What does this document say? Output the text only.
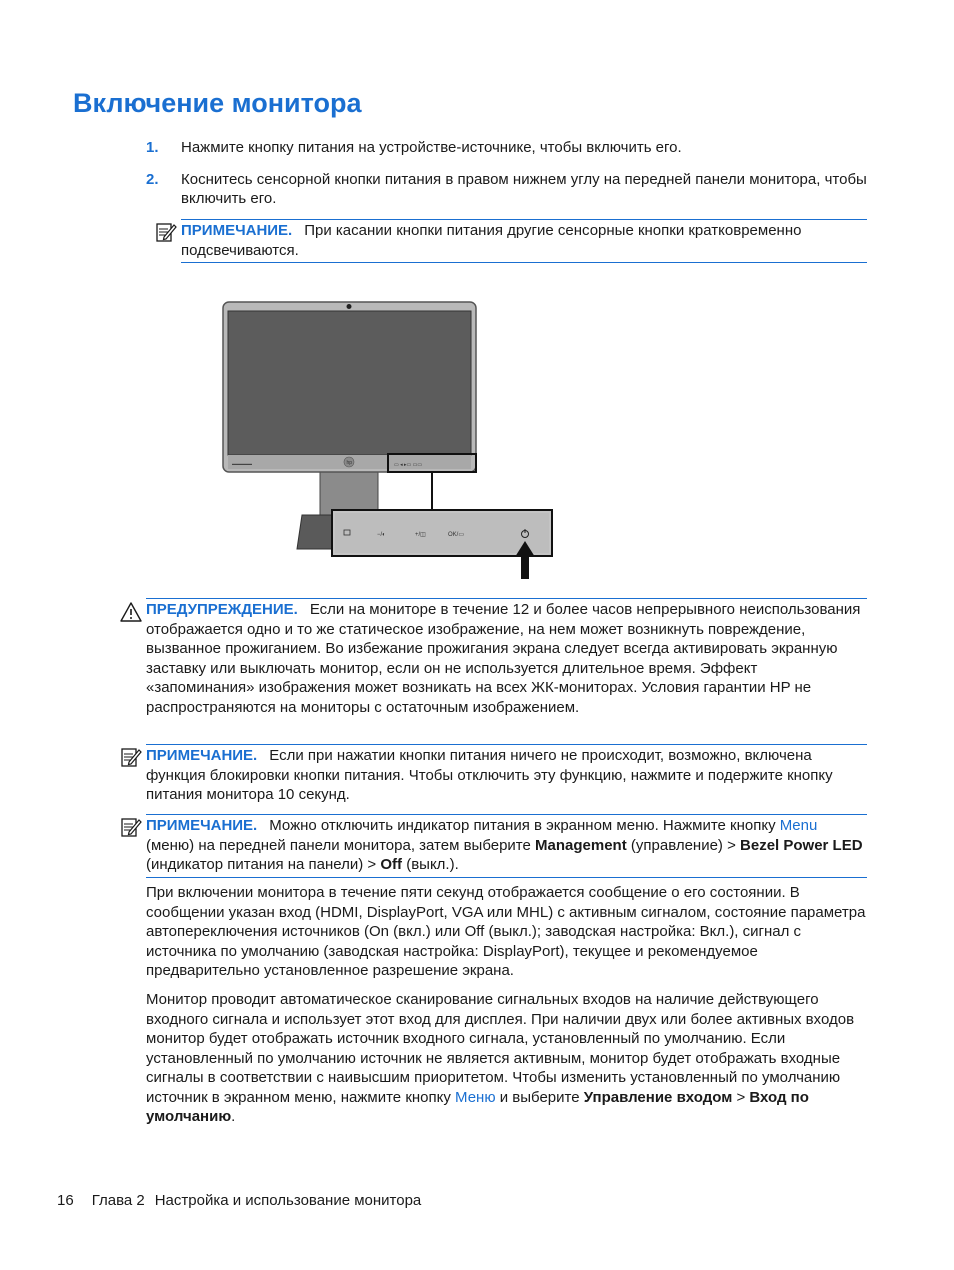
Включение монитора
1. Нажмите кнопку питания на устройстве-источнике, чтобы включить его.
2. Коснитесь сенсорной кнопки питания в правом нижнем углу на передней панели монитора, чтобы включить его.
ПРИМЕЧАНИЕ. При касании кнопки питания другие сенсорные кнопки кратковременно подсвечиваются.
▬▬▬▬▬	hp	▭ ◂ ▸▭ ▭▭
−/◐	+/◫	OK/▭
ПРЕДУПРЕЖДЕНИЕ. Если на мониторе в течение 12 и более часов непрерывного неиспользования отображается одно и то же статическое изображение, на нем может возникнуть повреждение, вызванное прожиганием. Во избежание прожигания экрана следует всегда активировать экранную заставку или выключать монитор, если он не используется длительное время. Эффект «запоминания» изображения может возникать на всех ЖК-мониторах. Условия гарантии HP не распространяются на мониторы с остаточным изображением.
ПРИМЕЧАНИЕ. Если при нажатии кнопки питания ничего не происходит, возможно, включена функция блокировки кнопки питания. Чтобы отключить эту функцию, нажмите и подержите кнопку питания монитора 10 секунд.
ПРИМЕЧАНИЕ. Можно отключить индикатор питания в экранном меню. Нажмите кнопку Menu (меню) на передней панели монитора, затем выберите Management (управление) > Bezel Power LED (индикатор питания на панели) > Off (выкл.).

При включении монитора в течение пяти секунд отображается сообщение о его состоянии. В сообщении указан вход (HDMI, DisplayPort, VGA или MHL) с активным сигналом, состояние параметра автопереключения источников (On (вкл.) или Off (выкл.); заводская настройка: Вкл.), сигнал с источника по умолчанию (заводская настройка: DisplayPort), текущее и рекомендуемое предварительно установленное разрешение экрана.

Монитор проводит автоматическое сканирование сигнальных входов на наличие действующего входного сигнала и использует этот вход для дисплея. При наличии двух или более активных входов монитор будет отображать источник входного сигнала, установленный по умолчанию. Если установленный по умолчанию источник не является активным, монитор будет отображать входные сигналы в соответствии с наивысшим приоритетом. Чтобы изменить установленный по умолчанию источник в экранном меню, нажмите кнопку Меню и выберите Управление входом > Вход по умолчанию.

16 Глава 2 Настройка и использование монитора
